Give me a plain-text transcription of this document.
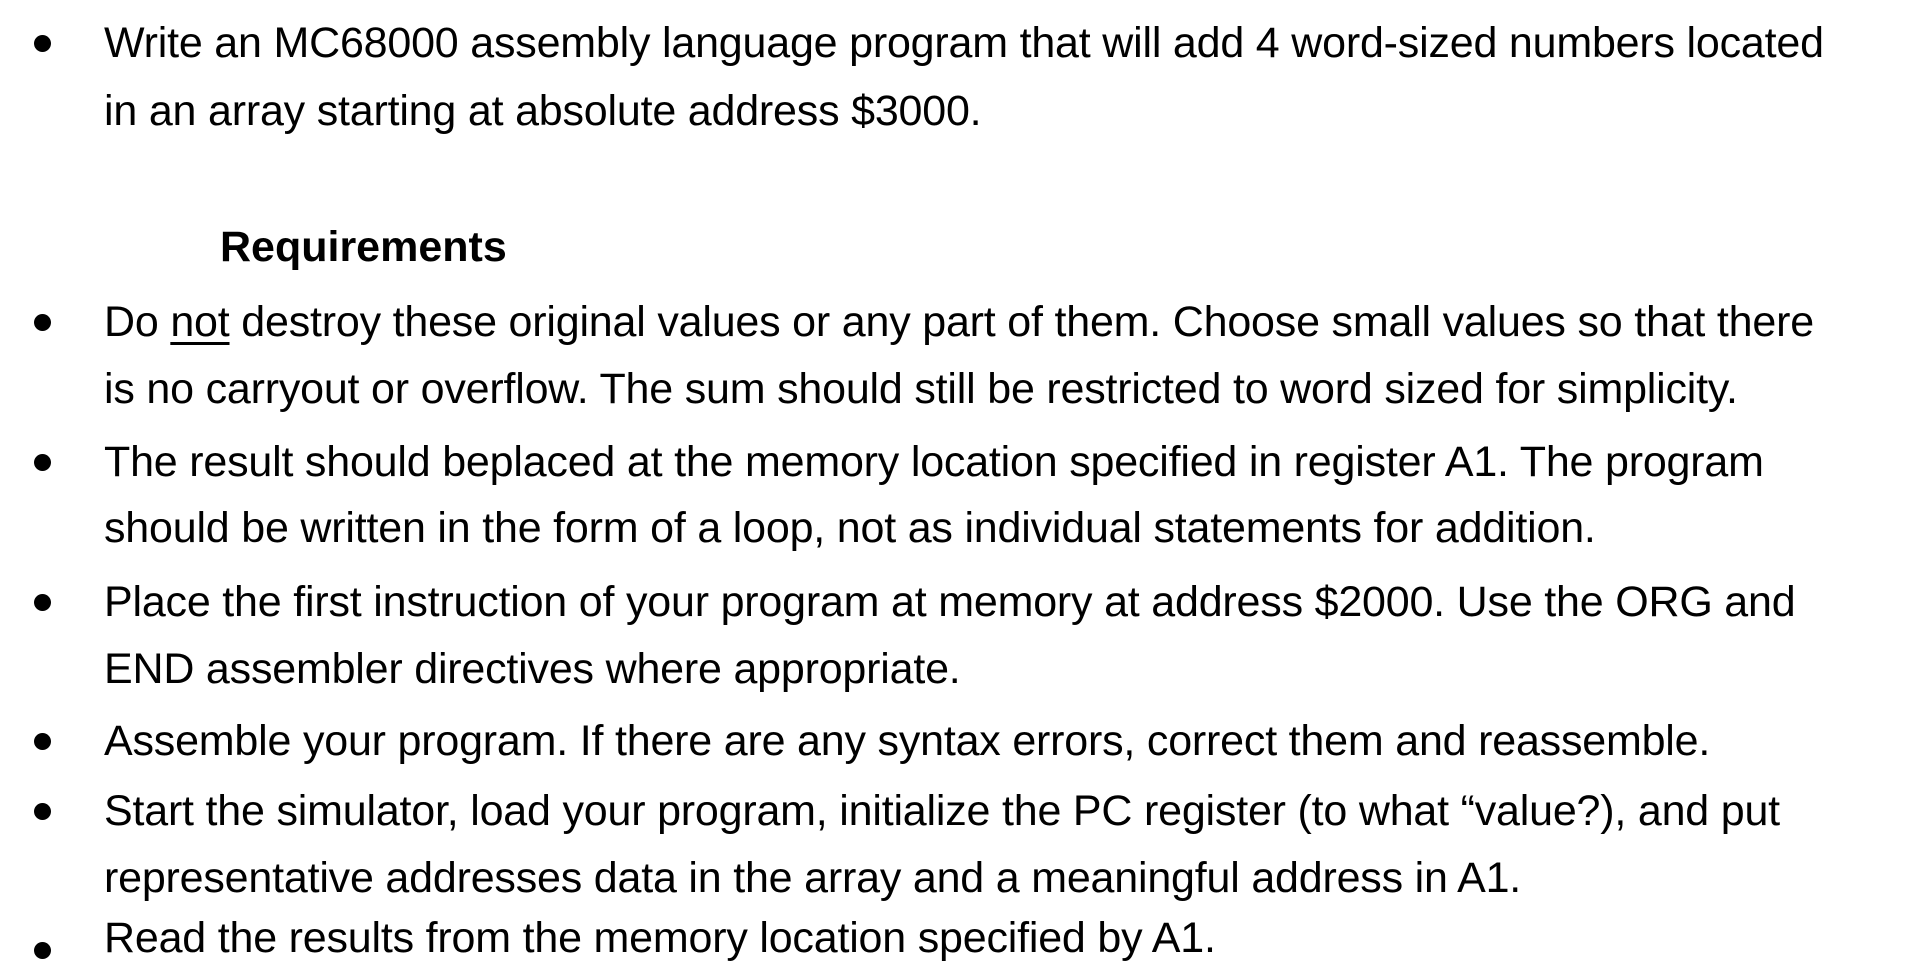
Write an MC68000 assembly language program that will add 4 word-sized numbers located
in an array starting at absolute address $3000.
Requirements
Do not destroy these original values or any part of them. Choose small values so that there
is no carryout or overflow. The sum should still be restricted to word sized for simplicity.
The result should beplaced at the memory location specified in register A1. The program
should be written in the form of a loop, not as individual statements for addition.
Place the first instruction of your program at memory at address $2000. Use the ORG and
END assembler directives where appropriate.
Assemble your program. If there are any syntax errors, correct them and reassemble.
Start the simulator, load your program, initialize the PC register (to what “value?), and put
representative addresses data in the array and a meaningful address in A1.
Read the results from the memory location specified by A1.
